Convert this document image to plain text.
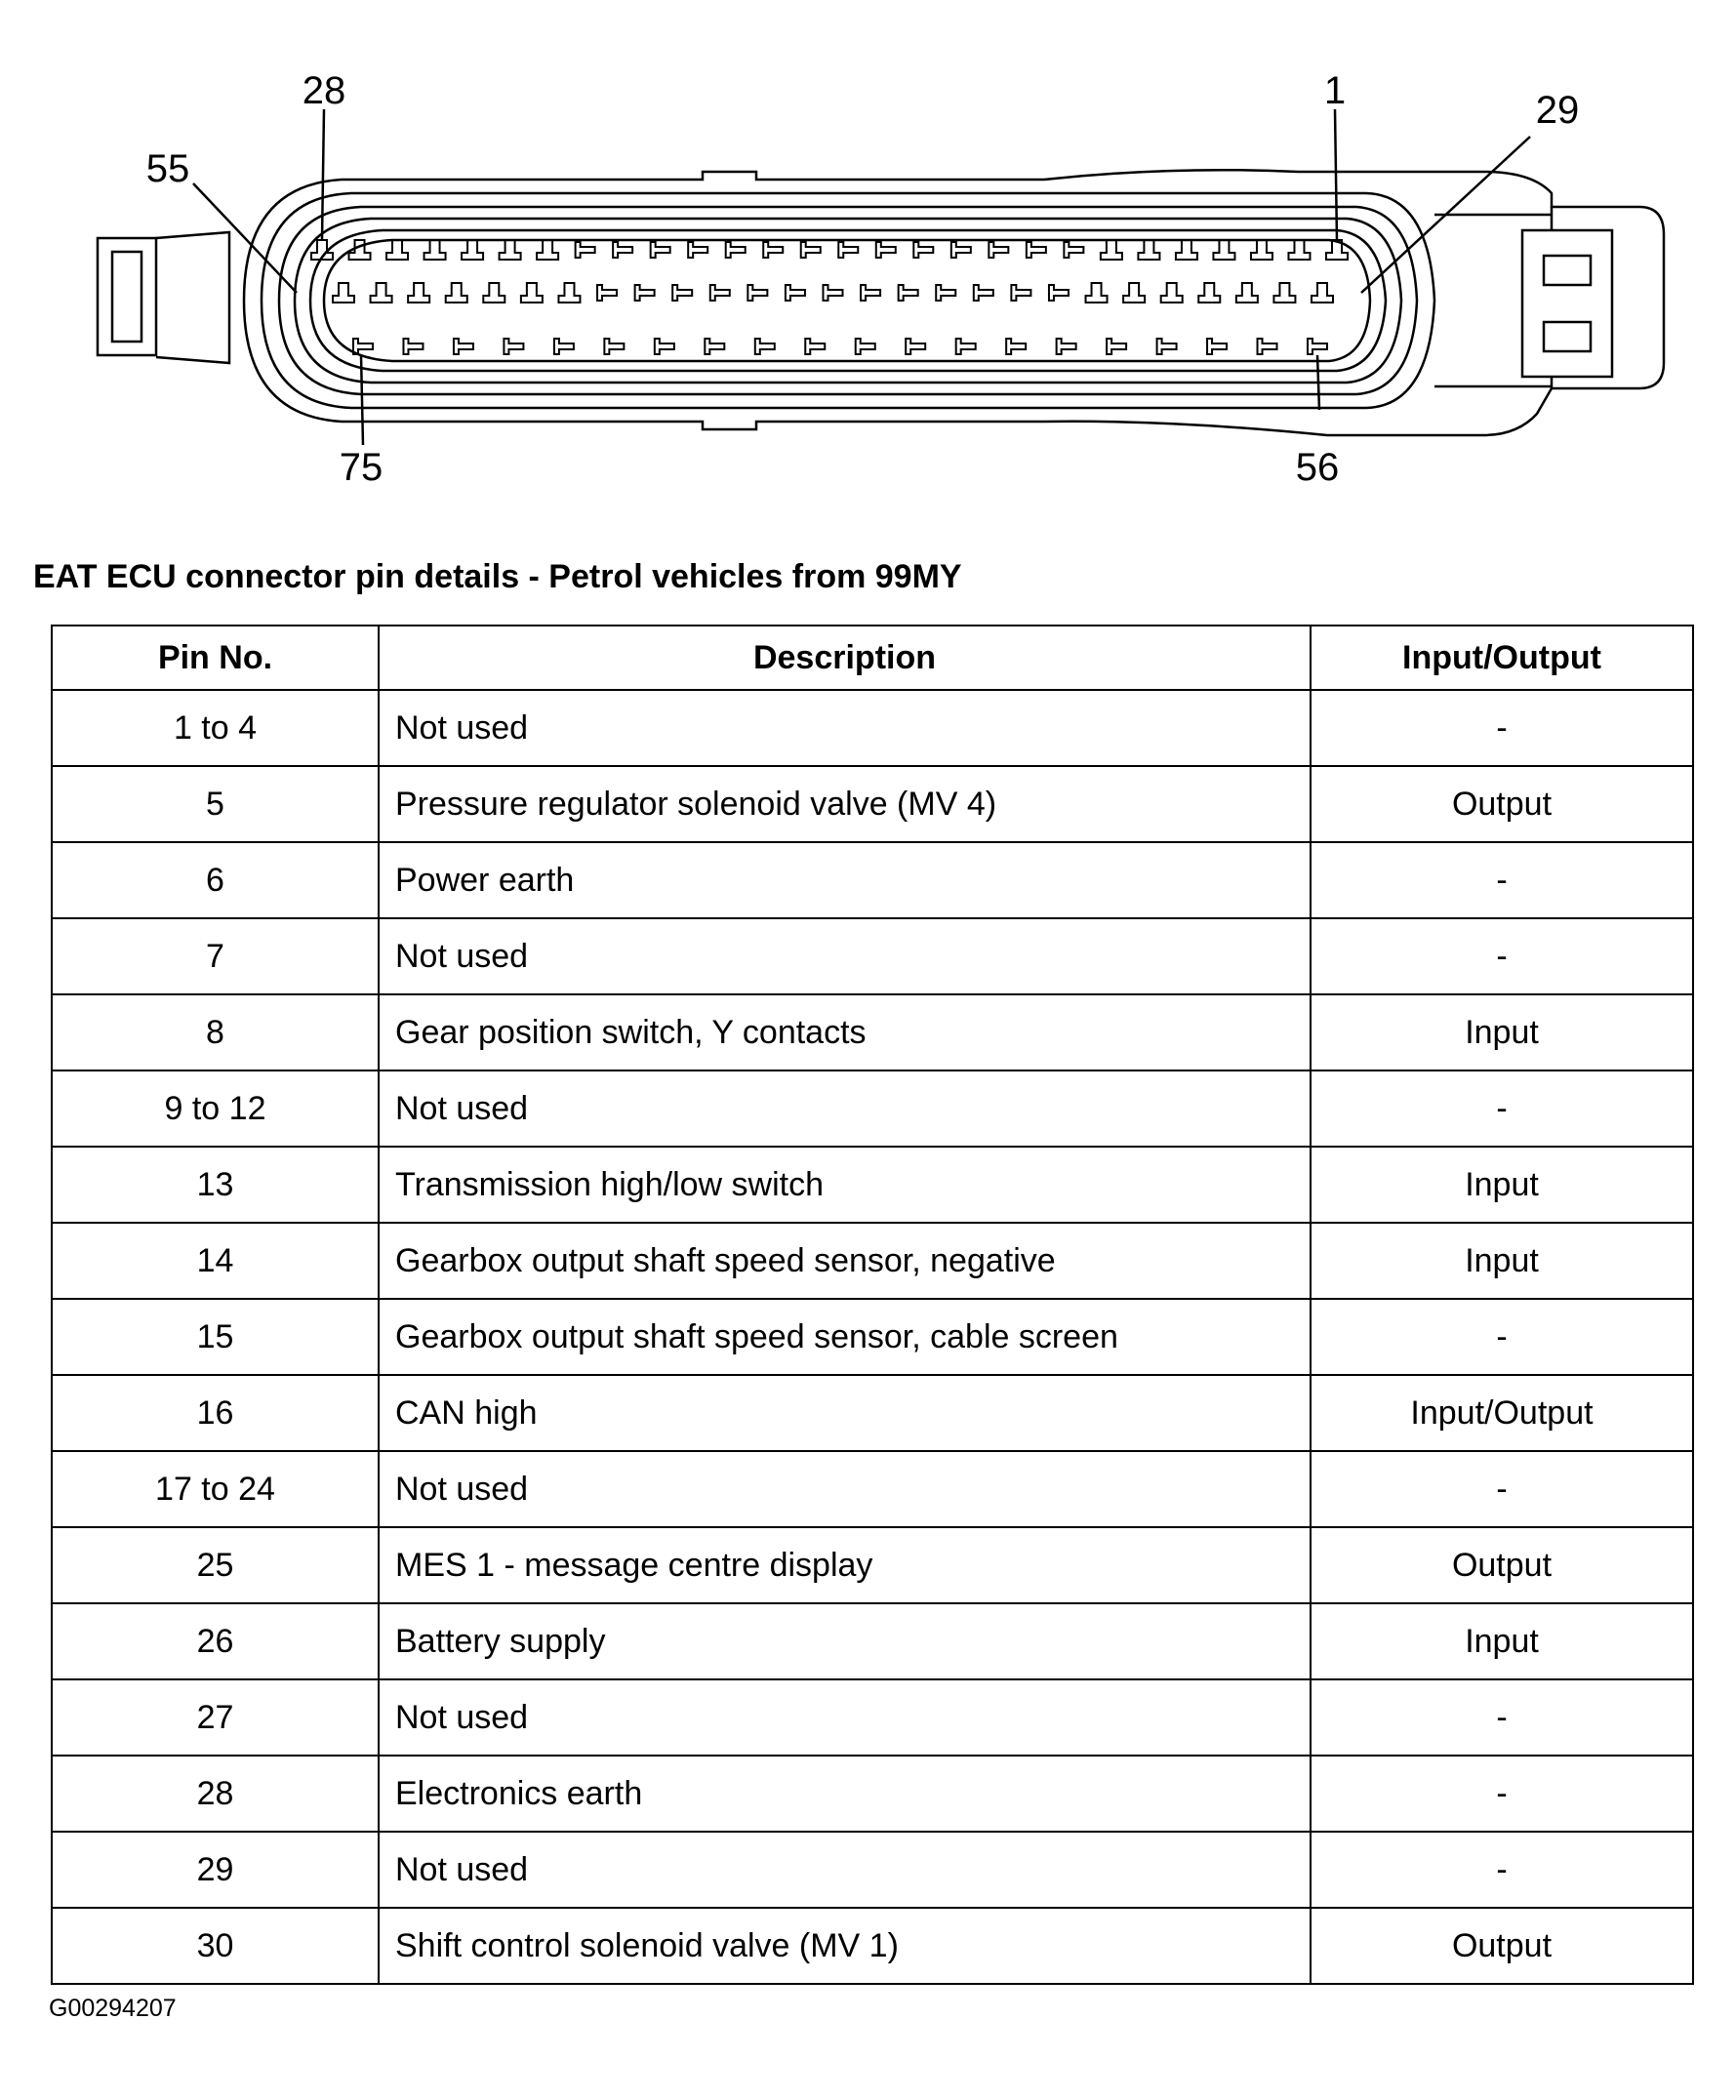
28	1	29
55
75	56
EAT ECU connector pin details - Petrol vehicles from 99MY
Pin No.	Description	Input/Output
1 to 4	Not used	-
5	Pressure regulator solenoid valve (MV 4)	Output
6	Power earth	-
7	Not used	-
8	Gear position switch, Y contacts	Input
9 to 12	Not used	-
13	Transmission high/low switch	Input
14	Gearbox output shaft speed sensor, negative	Input
15	Gearbox output shaft speed sensor, cable screen	-
16	CAN high	Input/Output
17 to 24	Not used	-
25	MES 1 - message centre display	Output
26	Battery supply	Input
27	Not used	-
28	Electronics earth	-
29	Not used	-
30	Shift control solenoid valve (MV 1)	Output
G00294207
